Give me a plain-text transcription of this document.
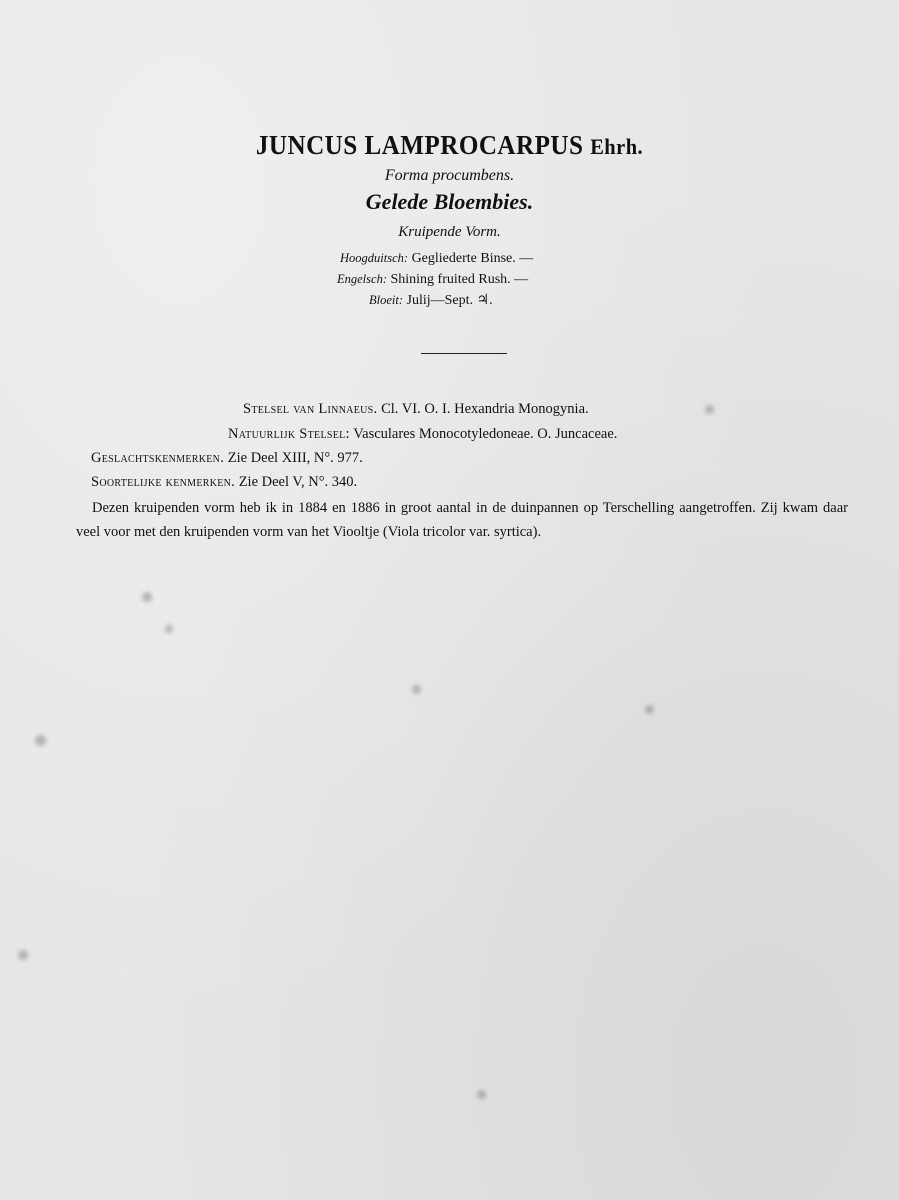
JUNCUS LAMPROCARPUS Ehrh.
Forma procumbens.
Gelede Bloembies.
Kruipende Vorm.
Hoogduitsch: Gegliederte Binse. —
Engelsch: Shining fruited Rush. —
Bloeit: Julij—Sept. ♃.
Stelsel van Linnaeus. Cl. VI. O. I. Hexandria Monogynia.
Natuurlijk Stelsel: Vasculares Monocotyledoneae. O. Juncaceae.
Geslachtskenmerken. Zie Deel XIII, N°. 977.
Soortelijke kenmerken. Zie Deel V, N°. 340.
Dezen kruipenden vorm heb ik in 1884 en 1886 in groot aantal in de duinpannen op Terschelling aangetroffen. Zij kwam daar veel voor met den kruipenden vorm van het Viooltje (Viola tricolor var. syrtica).
